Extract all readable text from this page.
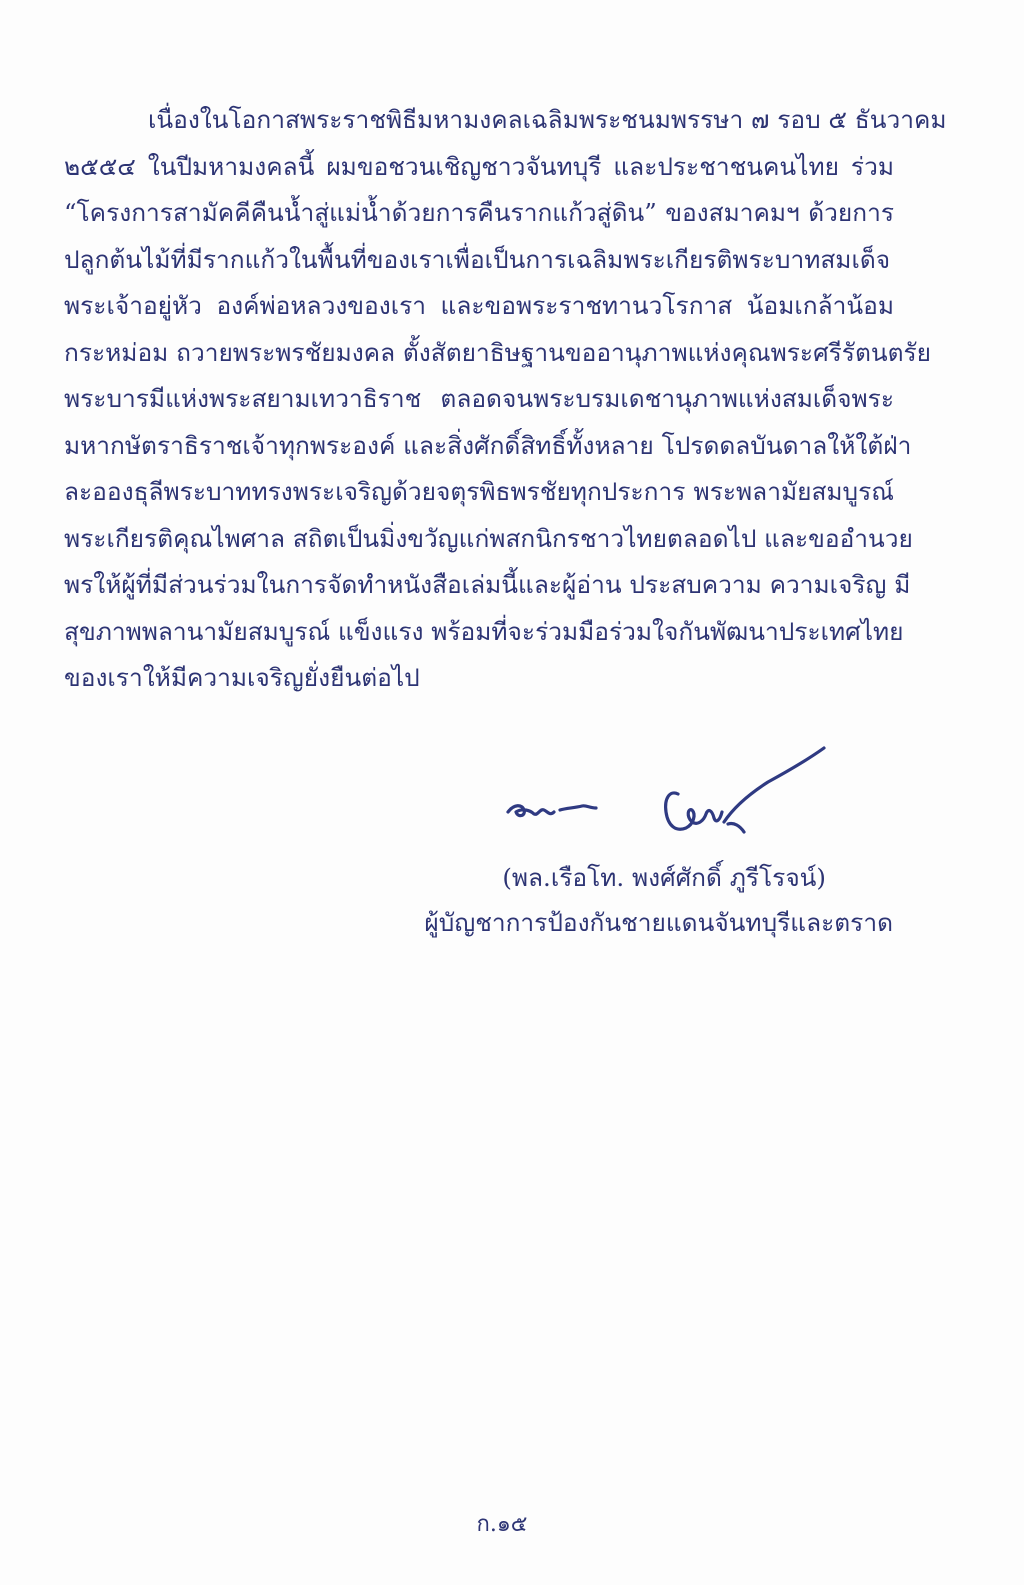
เนื่องในโอกาสพระราชพิธีมหามงคลเฉลิมพระชนมพรรษา ๗ รอบ ๕ ธันวาคม
๒๕๕๔ ในปีมหามงคลนี้ ผมขอชวนเชิญชาวจันทบุรี และประชาชนคนไทย ร่วม
“โครงการสามัคคีคืนน้ำสู่แม่น้ำด้วยการคืนรากแก้วสู่ดิน” ของสมาคมฯ ด้วยการ
ปลูกต้นไม้ที่มีรากแก้วในพื้นที่ของเราเพื่อเป็นการเฉลิมพระเกียรติพระบาทสมเด็จ
พระเจ้าอยู่หัว องค์พ่อหลวงของเรา และขอพระราชทานวโรกาส น้อมเกล้าน้อม
กระหม่อม ถวายพระพรชัยมงคล ตั้งสัตยาธิษฐานขออานุภาพแห่งคุณพระศรีรัตนตรัย
พระบารมีแห่งพระสยามเทวาธิราช ตลอดจนพระบรมเดชานุภาพแห่งสมเด็จพระ
มหากษัตราธิราชเจ้าทุกพระองค์ และสิ่งศักดิ์สิทธิ์ทั้งหลาย โปรดดลบันดาลให้ใต้ฝ่า
ละอองธุลีพระบาททรงพระเจริญด้วยจตุรพิธพรชัยทุกประการ พระพลามัยสมบูรณ์
พระเกียรติคุณไพศาล สถิตเป็นมิ่งขวัญแก่พสกนิกรชาวไทยตลอดไป และขออำนวย
พรให้ผู้ที่มีส่วนร่วมในการจัดทำหนังสือเล่มนี้และผู้อ่าน ประสบความ ความเจริญ มี
สุขภาพพลานามัยสมบูรณ์ แข็งแรง พร้อมที่จะร่วมมือร่วมใจกันพัฒนาประเทศไทย
ของเราให้มีความเจริญยั่งยืนต่อไป
(พล.เรือโท. พงศ์ศักดิ์ ภูรีโรจน์)
ผู้บัญชาการป้องกันชายแดนจันทบุรีและตราด
ก.๑๕
